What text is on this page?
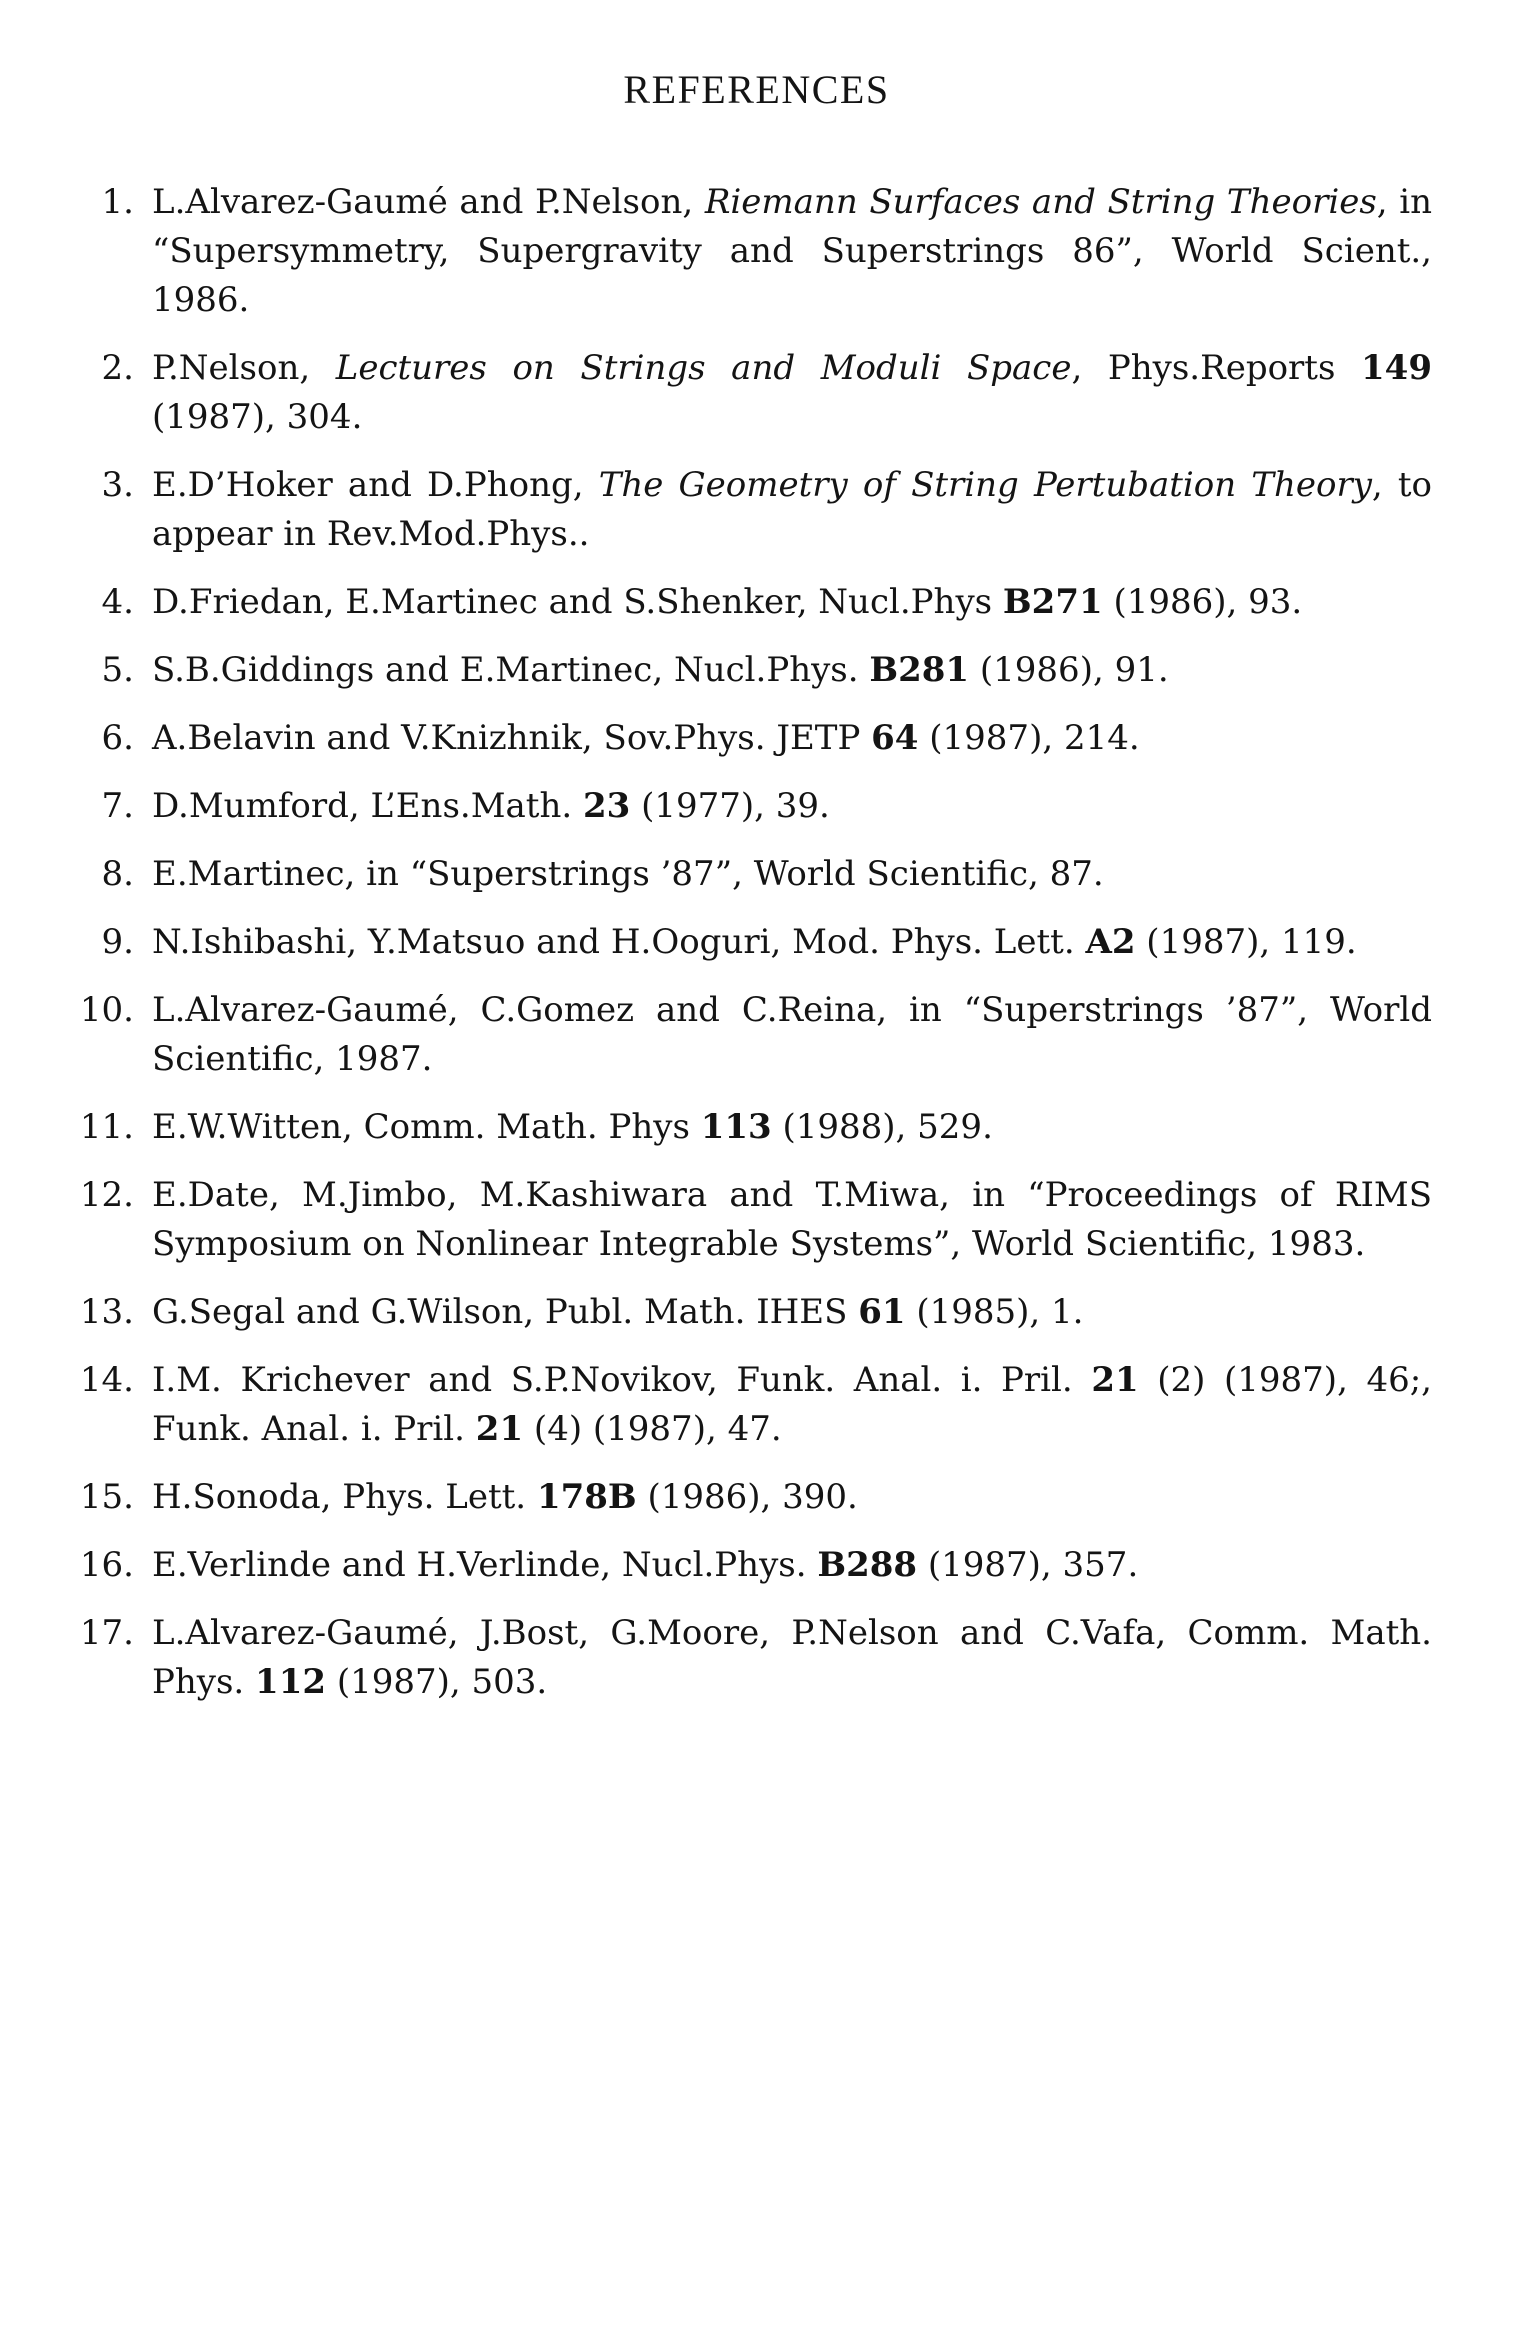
REFERENCES
1. L.Alvarez-Gaumé and P.Nelson, Riemann Surfaces and String Theories, in “Supersymmetry, Supergravity and Superstrings 86”, World Scient., 1986.
2. P.Nelson, Lectures on Strings and Moduli Space, Phys.Reports 149 (1987), 304.
3. E.D’Hoker and D.Phong, The Geometry of String Pertubation Theory, to appear in Rev.Mod.Phys..
4. D.Friedan, E.Martinec and S.Shenker, Nucl.Phys B271 (1986), 93.
5. S.B.Giddings and E.Martinec, Nucl.Phys. B281 (1986), 91.
6. A.Belavin and V.Knizhnik, Sov.Phys. JETP 64 (1987), 214.
7. D.Mumford, L’Ens.Math. 23 (1977), 39.
8. E.Martinec, in “Superstrings ’87”, World Scientific, 87.
9. N.Ishibashi, Y.Matsuo and H.Ooguri, Mod. Phys. Lett. A2 (1987), 119.
10. L.Alvarez-Gaumé, C.Gomez and C.Reina, in “Superstrings ’87”, World Scientific, 1987.
11. E.W.Witten, Comm. Math. Phys 113 (1988), 529.
12. E.Date, M.Jimbo, M.Kashiwara and T.Miwa, in “Proceedings of RIMS Symposium on Nonlinear Integrable Systems”, World Scientific, 1983.
13. G.Segal and G.Wilson, Publ. Math. IHES 61 (1985), 1.
14. I.M. Krichever and S.P.Novikov, Funk. Anal. i. Pril. 21 (2) (1987), 46;, Funk. Anal. i. Pril. 21 (4) (1987), 47.
15. H.Sonoda, Phys. Lett. 178B (1986), 390.
16. E.Verlinde and H.Verlinde, Nucl.Phys. B288 (1987), 357.
17. L.Alvarez-Gaumé, J.Bost, G.Moore, P.Nelson and C.Vafa, Comm. Math. Phys. 112 (1987), 503.
